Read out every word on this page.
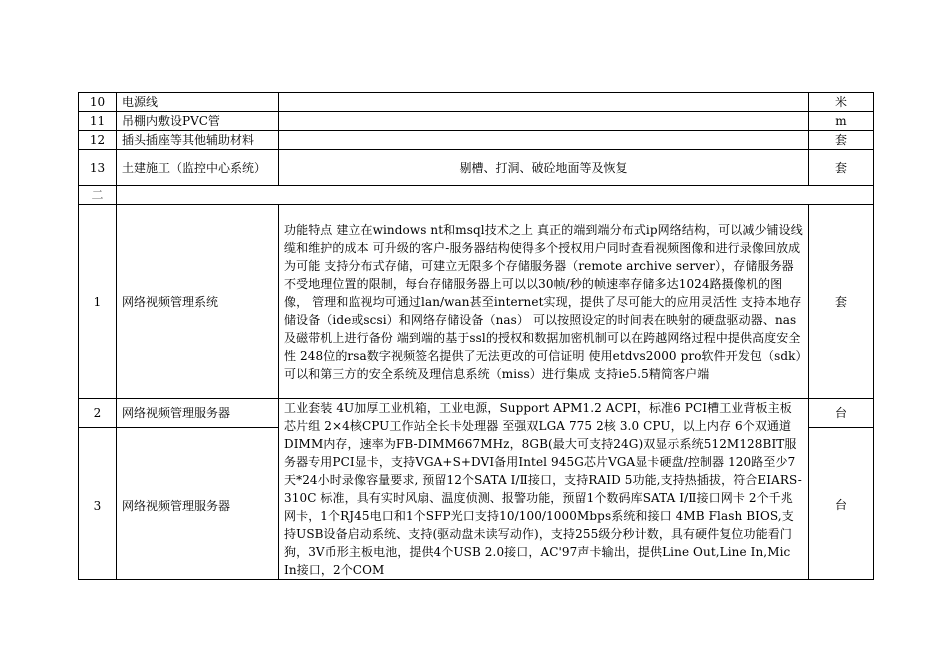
10	电源线		米
11	吊棚内敷设PVC管		m
12	插头插座等其他辅助材料		套
13	土建施工（监控中心系统）	剔槽、打洞、破砼地面等及恢复	套
二			
1	网络视频管理系统	功能特点 建立在windows nt和msql技术之上 真正的端到端分布式ip网络结构，可以减少铺设线缆和维护的成本 可升级的客户-服务器结构使得多个授权用户同时查看视频图像和进行录像回放成为可能 支持分布式存储，可建立无限多个存储服务器（remote archive server），存储服务器不受地理位置的限制，每台存储服务器上可以以30帧/秒的帧速率存储多达1024路摄像机的图像， 管理和监视均可通过lan/wan甚至internet实现，提供了尽可能大的应用灵活性 支持本地存储设备（ide或scsi）和网络存储设备（nas） 可以按照设定的时间表在映射的硬盘驱动器、nas及磁带机上进行备份 端到端的基于ssl的授权和数据加密机制可以在跨越网络过程中提供高度安全性 248位的rsa数字视频签名提供了无法更改的可信证明 使用etdvs2000 pro软件开发包（sdk）可以和第三方的安全系统及理信息系统（miss）进行集成 支持ie5.5精简客户端	套
2	网络视频管理服务器	工业套装 4U加厚工业机箱，工业电源，Support APM1.2 ACPI，标准6 PCI槽工业背板主板 芯片组 2×4核CPU工作站全长卡处理器 至强双LGA 775 2核 3.0 CPU，以上内存 6个双通道DIMM内存，速率为FB-DIMM667MHz，8GB(最大可支持24G)双显示系统512M128BIT服务器专用PCI显卡，支持VGA+S+DVI备用Intel 945G芯片VGA显卡硬盘/控制器 120路至少7天*24小时录像容量要求, 预留12个SATA I/Ⅱ接口，支持RAID 5功能,支持热插拔，符合EIARS-310C 标准，具有实时风扇、温度侦测、报警功能，预留1个数码库SATA I/Ⅱ接口网卡 2个千兆网卡，1个RJ45电口和1个SFP光口支持10/100/1000Mbps系统和接口 4MB Flash BIOS,支持USB设备启动系统、支持(驱动盘未读写动作)，支持255级分秒计数，具有硬件复位功能看门狗，3V币形主板电池，提供4个USB 2.0接口，AC'97声卡输出，提供Line Out,Line In,Mic In接口，2个COM	台
3	网络视频管理服务器		台
